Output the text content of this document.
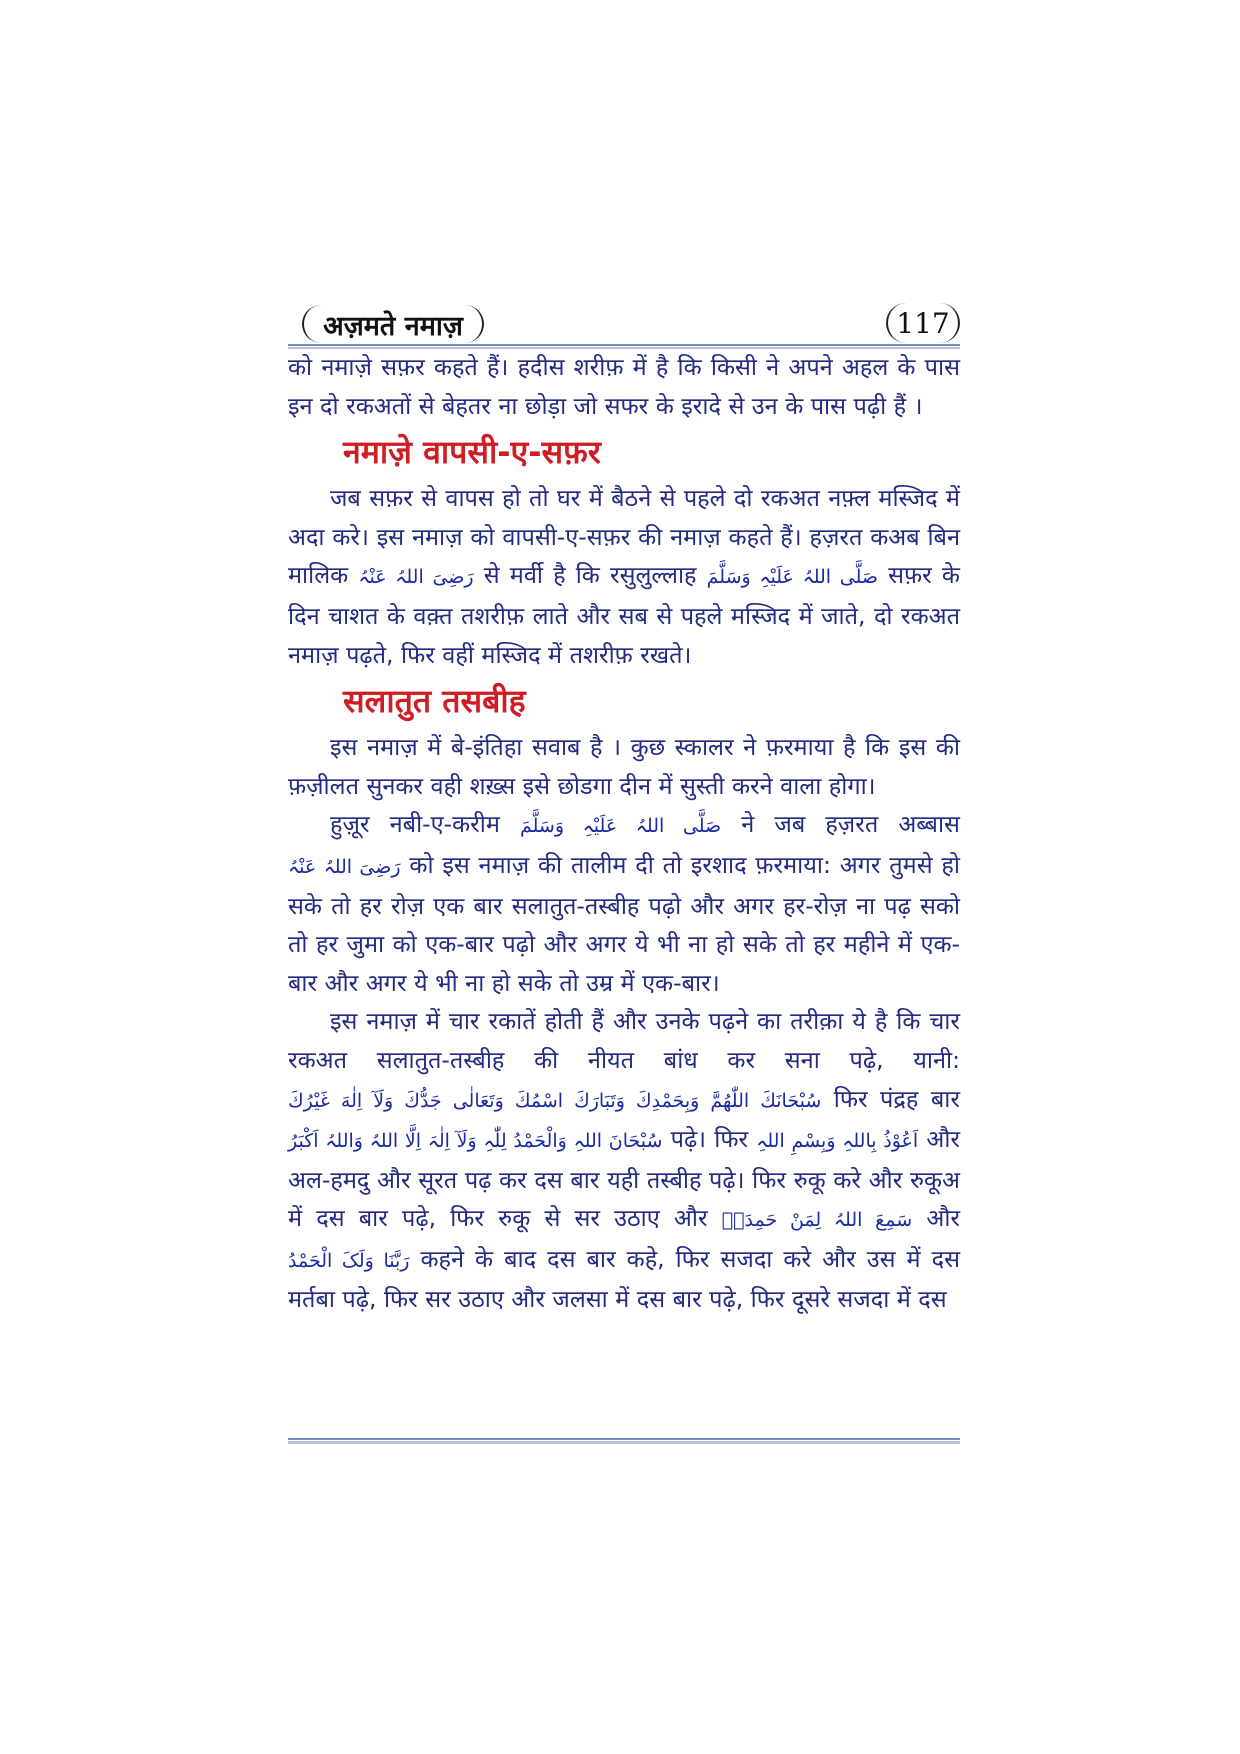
अज़मते नमाज़	117

को नमाज़े सफ़र कहते हैं। हदीस शरीफ़ में है कि किसी ने अपने अहल के पास इन दो रकअतों से बेहतर ना छोड़ा जो सफर के इरादे से उन के पास पढ़ी हैं ।

नमाज़े वापसी-ए-सफ़र

जब सफ़र से वापस हो तो घर में बैठने से पहले दो रकअत नफ़्ल मस्जिद में अदा करे। इस नमाज़ को वापसी-ए-सफ़र की नमाज़ कहते हैं। हज़रत कअब बिन मालिक رَضِیَ اللہُ عَنْہُ से मर्वी है कि रसुलुल्लाह صَلَّی اللہُ عَلَیْہِ وَسَلَّمَ सफ़र के दिन चाशत के वक़्त तशरीफ़ लाते और सब से पहले मस्जिद में जाते, दो रकअत नमाज़ पढ़ते, फिर वहीं मस्जिद में तशरीफ़ रखते।

सलातुत तसबीह

इस नमाज़ में बे-इंतिहा सवाब है । कुछ स्कालर ने फ़रमाया है कि इस की फ़ज़ीलत सुनकर वही शख़्स इसे छोडगा दीन में सुस्ती करने वाला होगा।

हुज़ूर नबी-ए-करीम صَلَّی اللہُ عَلَیْہِ وَسَلَّمَ ने जब हज़रत अब्बास رَضِیَ اللہُ عَنْہُ को इस नमाज़ की तालीम दी तो इरशाद फ़रमाया: अगर तुमसे हो सके तो हर रोज़ एक बार सलातुत-तस्बीह पढ़ो और अगर हर-रोज़ ना पढ़ सको तो हर जुमा को एक-बार पढ़ो और अगर ये भी ना हो सके तो हर महीने में एक-बार और अगर ये भी ना हो सके तो उम्र में एक-बार।

इस नमाज़ में चार रकातें होती हैं और उनके पढ़ने का तरीक़ा ये है कि चार रकअत सलातुत-तस्बीह की नीयत बांध कर सना पढ़े, यानी: سُبْحَانَكَ اللّٰهُمَّ وَبِحَمْدِكَ وَتَبَارَكَ اسْمُكَ وَتَعَالٰى جَدُّكَ وَلَآ اِلٰهَ غَيْرُكَ फिर पंद्रह बार سُبْحَانَ اللہِ وَالْحَمْدُ لِلّٰہِ وَلَآ اِلٰہَ اِلَّا اللہُ وَاللہُ اَکْبَرُ पढ़े। फिर اَعُوْذُ بِاللہِ وَبِسْمِ اللہِ और अल-हमदु और सूरत पढ़ कर दस बार यही तस्बीह पढ़े। फिर रुकू करे और रुकूअ में दस बार पढ़े, फिर रुकू से सर उठाए और سَمِعَ اللہُ لِمَنْ حَمِدَہٗ और رَبَّنَا وَلَکَ الْحَمْدُ कहने के बाद दस बार कहे, फिर सजदा करे और उस में दस मर्तबा पढ़े, फिर सर उठाए और जलसा में दस बार पढ़े, फिर दूसरे सजदा में दस
